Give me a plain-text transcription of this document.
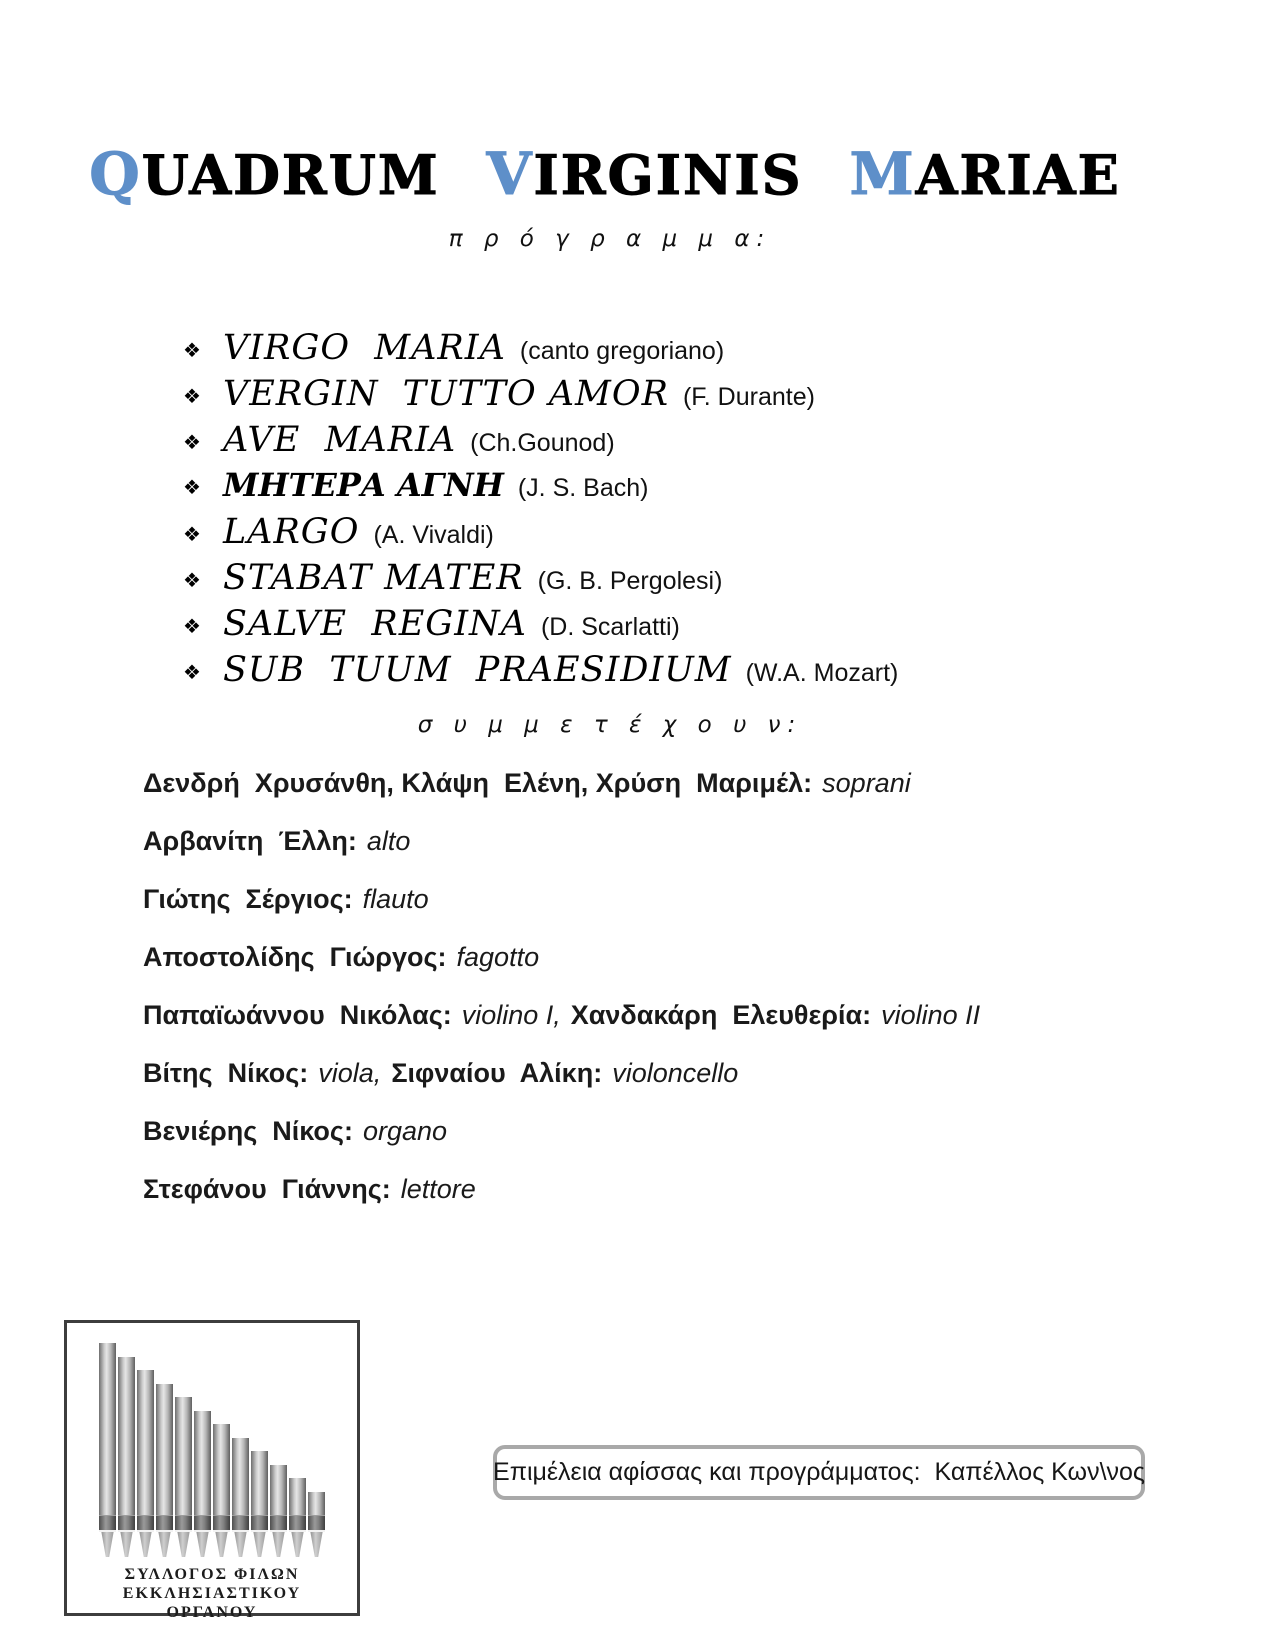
QUADRUM VIRGINIS MARIAE
π ρ ό γ ρ α μ μ α:
❖ VIRGO  MARIA (canto gregoriano)
❖ VERGIN  TUTTO AMOR (F. Durante)
❖ AVE  MARIA (Ch.Gounod)
❖ ΜΗΤΕΡΑ ΑΓΝΗ (J. S. Bach)
❖ LARGO (A. Vivaldi)
❖ STABAT MATER (G. B. Pergolesi)
❖ SALVE  REGINA (D. Scarlatti)
❖ SUB  TUUM  PRAESIDIUM (W.A. Mozart)
σ υ μ μ ε τ έ χ ο υ ν:
Δενδρή  Χρυσάνθη, Κλάψη  Ελένη, Χρύση  Μαριμέλ: soprani
Αρβανίτη  Έλλη: alto
Γιώτης  Σέργιος: flauto
Αποστολίδης  Γιώργος: fagotto
Παπαϊωάννου  Νικόλας: violino I, Χανδακάρη  Ελευθερία: violino II
Βίτης  Νίκος: viola, Σιφναίου  Αλίκη: violoncello
Βενιέρης  Νίκος: organo
Στεφάνου  Γιάννης: lettore
ΣΥΛΛΟΓΟΣ ΦΙΛΩΝ
ΕΚΚΛΗΣΙΑΣΤΙΚΟΥ
ΟΡΓΑΝΟΥ
Επιμέλεια αφίσσας και προγράμματος:  Καπέλλος Κων\νος
